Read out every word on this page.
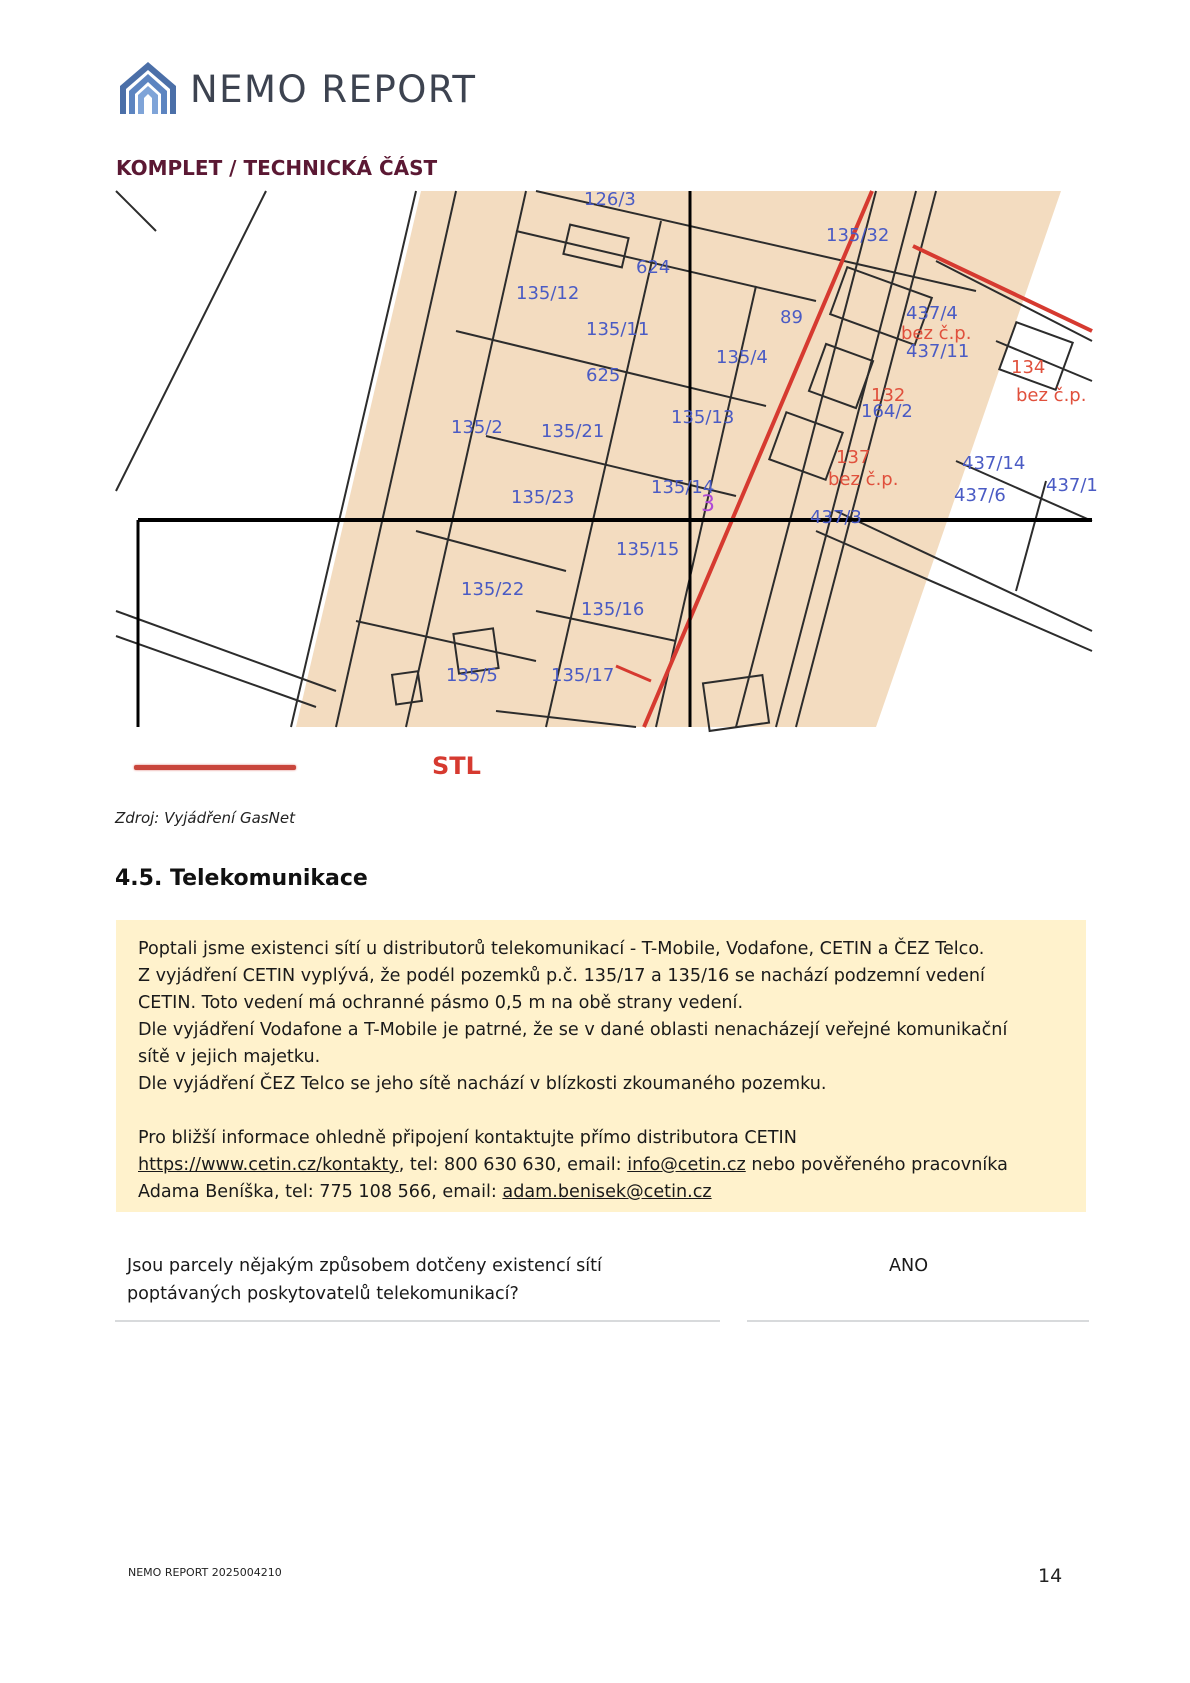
NEMO REPORT
KOMPLET / TECHNICKÁ ČÁST
126/3
135/32
624
135/12
135/11
89	437/4
135/4
bez č.p.
437/11
134
625
132
164/2
bez č.p.
135/2 135/21
135/13
137
bez č.p.
437/14
135/23	135/14
3	437/6
437/3
135/15
135/22
135/16
135/5	135/17
437/1
STL
Zdroj: Vyjádření GasNet
4.5. Telekomunikace

Poptali jsme existenci sítí u distributorů telekomunikací - T-Mobile, Vodafone, CETIN a ČEZ Telco.

Z vyjádření CETIN vyplývá, že podél pozemků p.č. 135/17 a 135/16 se nachází podzemní vedení

CETIN. Toto vedení má ochranné pásmo 0,5 m na obě strany vedení.

Dle vyjádření Vodafone a T-Mobile je patrné, že se v dané oblasti nenacházejí veřejné komunikační

sítě v jejich majetku.

Dle vyjádření ČEZ Telco se jeho sítě nachází v blízkosti zkoumaného pozemku.

Pro bližší informace ohledně připojení kontaktujte přímo distributora CETIN

https://www.cetin.cz/kontakty, tel: 800 630 630, email: info@cetin.cz nebo pověřeného pracovníka

Adama Beníška, tel: 775 108 566, email: adam.benisek@cetin.cz

Jsou parcely nějakým způsobem dotčeny existencí sítí
poptávaných poskytovatelů telekomunikací?
ANO
NEMO REPORT 2025004210	14
